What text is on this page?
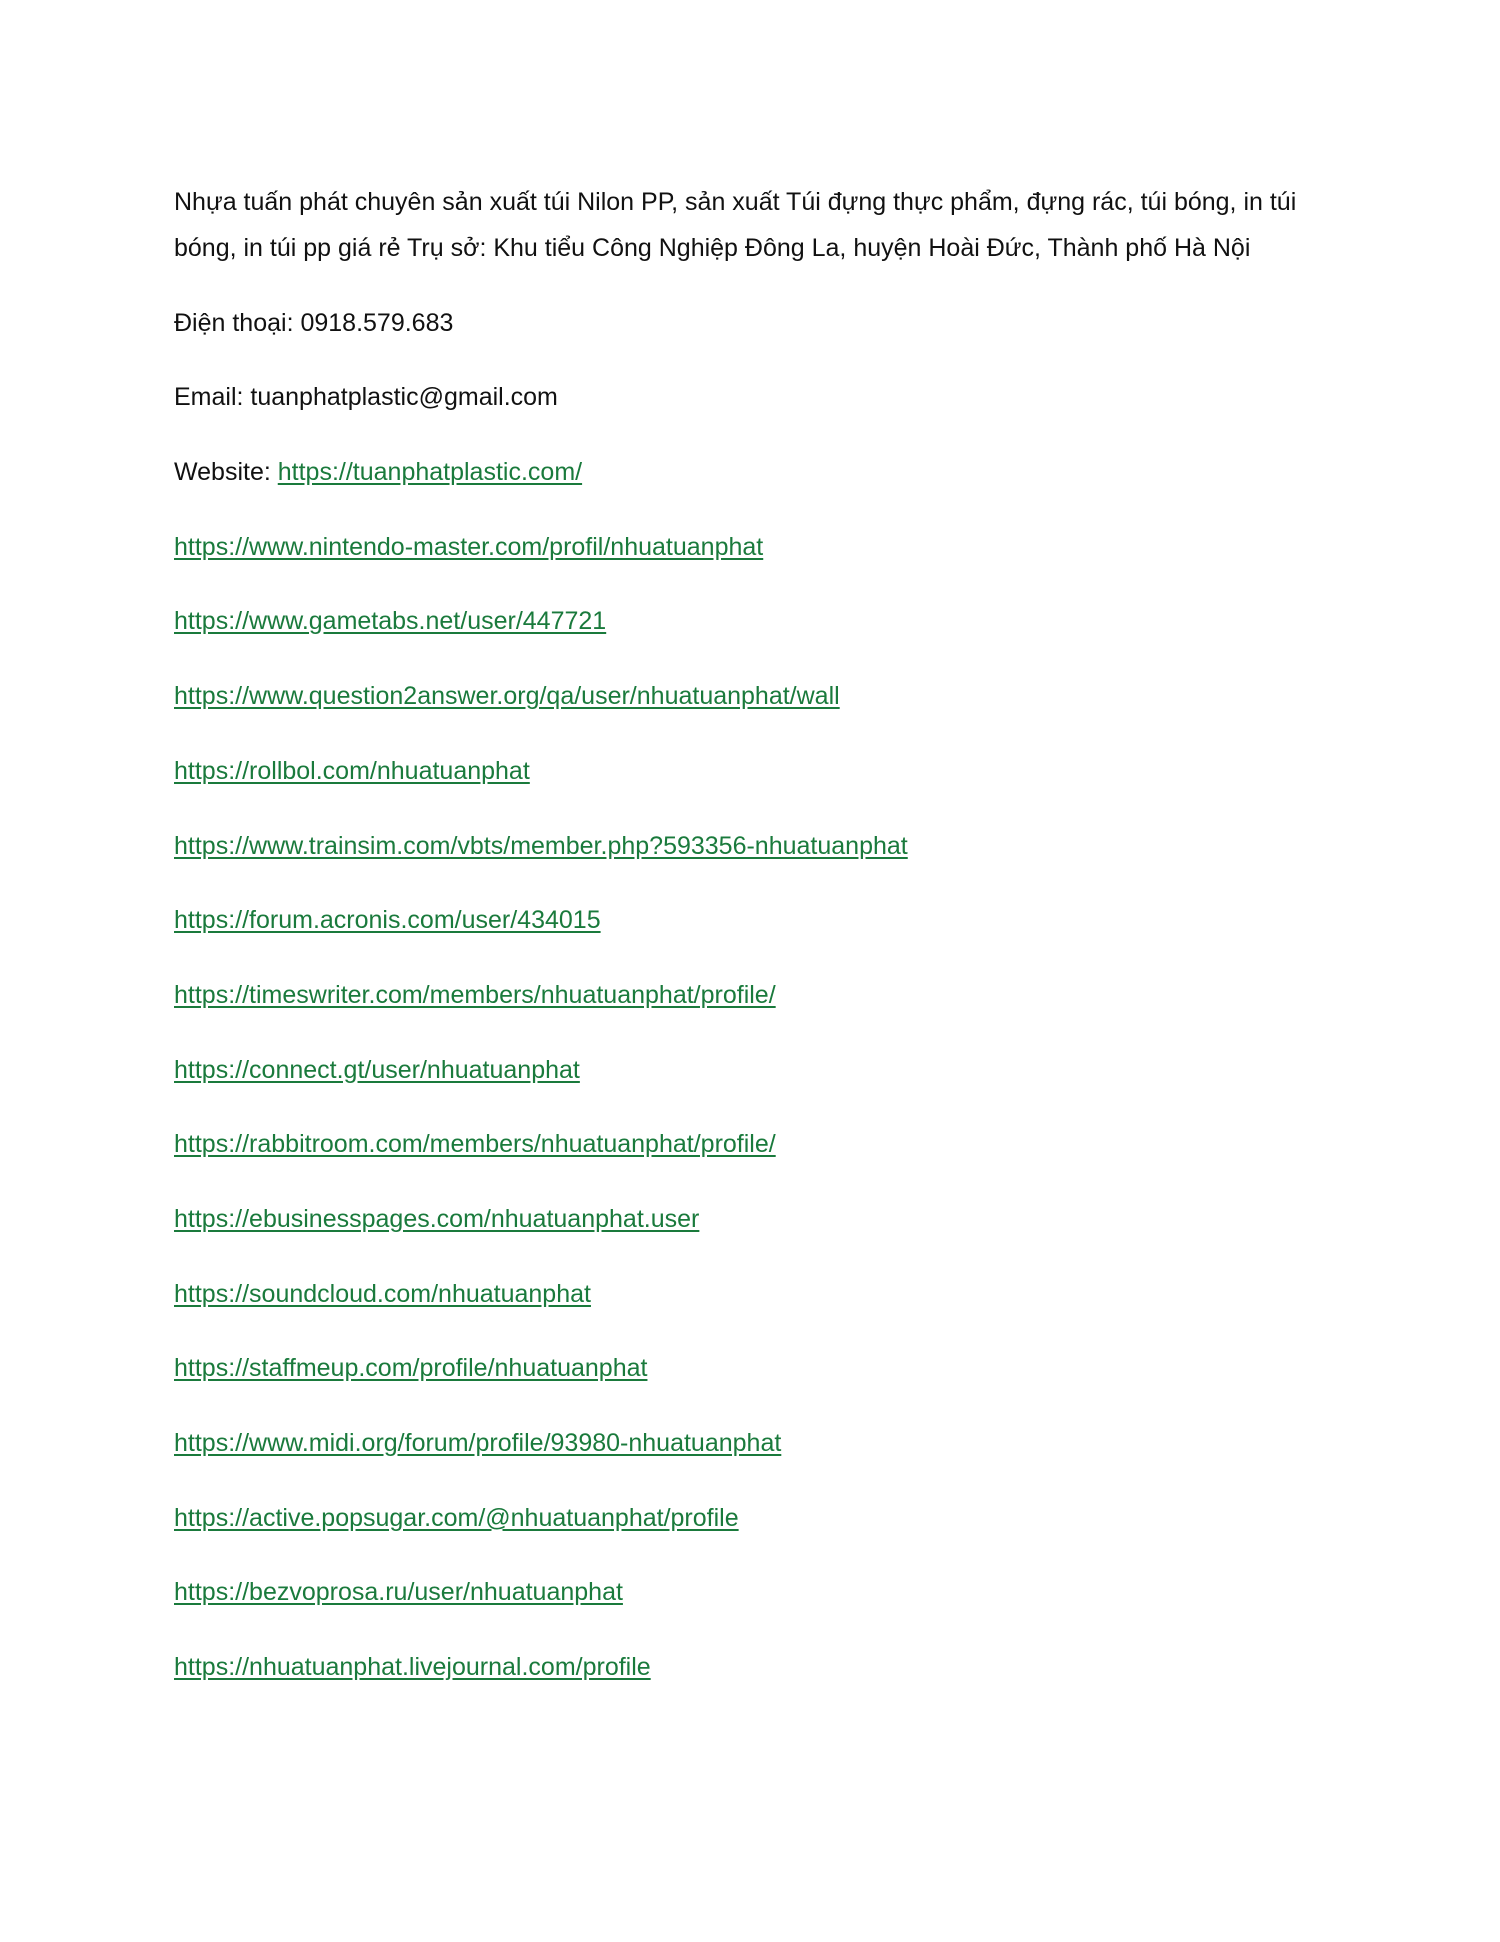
Nhựa tuấn phát chuyên sản xuất túi Nilon PP, sản xuất Túi đựng thực phẩm, đựng rác, túi bóng, in túi bóng, in túi pp giá rẻ Trụ sở: Khu tiểu Công Nghiệp Đông La, huyện Hoài Đức, Thành phố Hà Nội

Điện thoại: 0918.579.683

Email: tuanphatplastic@gmail.com

Website: https://tuanphatplastic.com/

https://www.nintendo-master.com/profil/nhuatuanphat

https://www.gametabs.net/user/447721

https://www.question2answer.org/qa/user/nhuatuanphat/wall

https://rollbol.com/nhuatuanphat

https://www.trainsim.com/vbts/member.php?593356-nhuatuanphat

https://forum.acronis.com/user/434015

https://timeswriter.com/members/nhuatuanphat/profile/

https://connect.gt/user/nhuatuanphat

https://rabbitroom.com/members/nhuatuanphat/profile/

https://ebusinesspages.com/nhuatuanphat.user

https://soundcloud.com/nhuatuanphat

https://staffmeup.com/profile/nhuatuanphat

https://www.midi.org/forum/profile/93980-nhuatuanphat

https://active.popsugar.com/@nhuatuanphat/profile

https://bezvoprosa.ru/user/nhuatuanphat

https://nhuatuanphat.livejournal.com/profile
